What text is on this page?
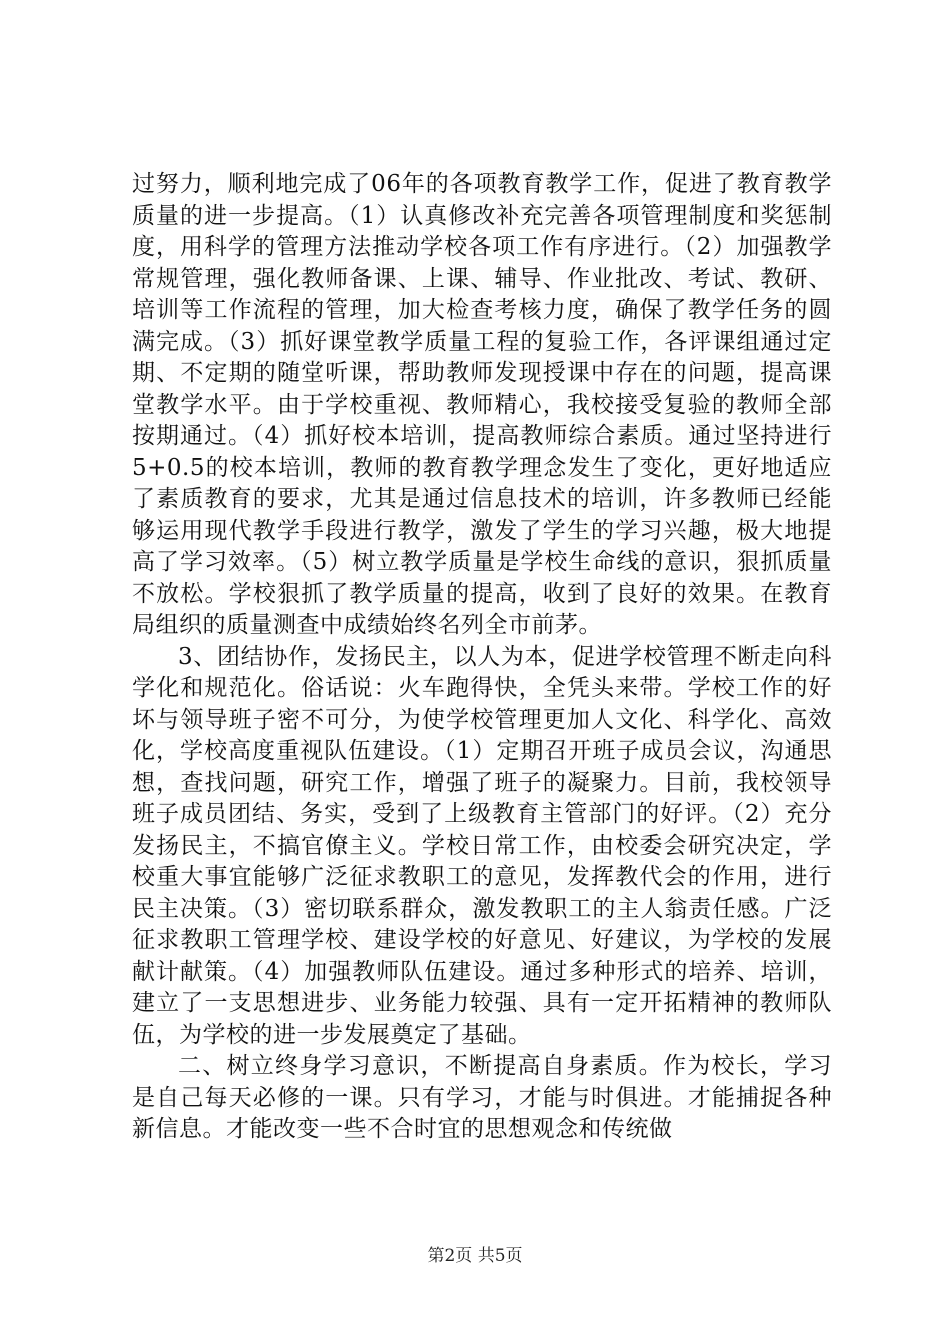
过努力，顺利地完成了06年的各项教育教学工作，促进了教育教学质量的进一步提高。（1）认真修改补充完善各项管理制度和奖惩制度，用科学的管理方法推动学校各项工作有序进行。（2）加强教学常规管理，强化教师备课、上课、辅导、作业批改、考试、教研、培训等工作流程的管理，加大检查考核力度，确保了教学任务的圆满完成。（3）抓好课堂教学质量工程的复验工作，各评课组通过定期、不定期的随堂听课，帮助教师发现授课中存在的问题，提高课堂教学水平。由于学校重视、教师精心，我校接受复验的教师全部按期通过。（4）抓好校本培训，提高教师综合素质。通过坚持进行5+0.5的校本培训，教师的教育教学理念发生了变化，更好地适应了素质教育的要求，尤其是通过信息技术的培训，许多教师已经能够运用现代教学手段进行教学，激发了学生的学习兴趣，极大地提高了学习效率。（5）树立教学质量是学校生命线的意识，狠抓质量不放松。学校狠抓了教学质量的提高，收到了良好的效果。在教育局组织的质量测查中成绩始终名列全市前茅。

3、团结协作，发扬民主，以人为本，促进学校管理不断走向科学化和规范化。俗话说：火车跑得快，全凭头来带。学校工作的好坏与领导班子密不可分，为使学校管理更加人文化、科学化、高效化，学校高度重视队伍建设。（1）定期召开班子成员会议，沟通思想，查找问题，研究工作，增强了班子的凝聚力。目前，我校领导班子成员团结、务实，受到了上级教育主管部门的好评。（2）充分发扬民主，不搞官僚主义。学校日常工作，由校委会研究决定，学校重大事宜能够广泛征求教职工的意见，发挥教代会的作用，进行民主决策。（3）密切联系群众，激发教职工的主人翁责任感。广泛征求教职工管理学校、建设学校的好意见、好建议，为学校的发展献计献策。（4）加强教师队伍建设。通过多种形式的培养、培训，建立了一支思想进步、业务能力较强、具有一定开拓精神的教师队伍，为学校的进一步发展奠定了基础。

二、树立终身学习意识，不断提高自身素质。作为校长，学习是自己每天必修的一课。只有学习，才能与时俱进。才能捕捉各种新信息。才能改变一些不合时宜的思想观念和传统做

第2页 共5页
